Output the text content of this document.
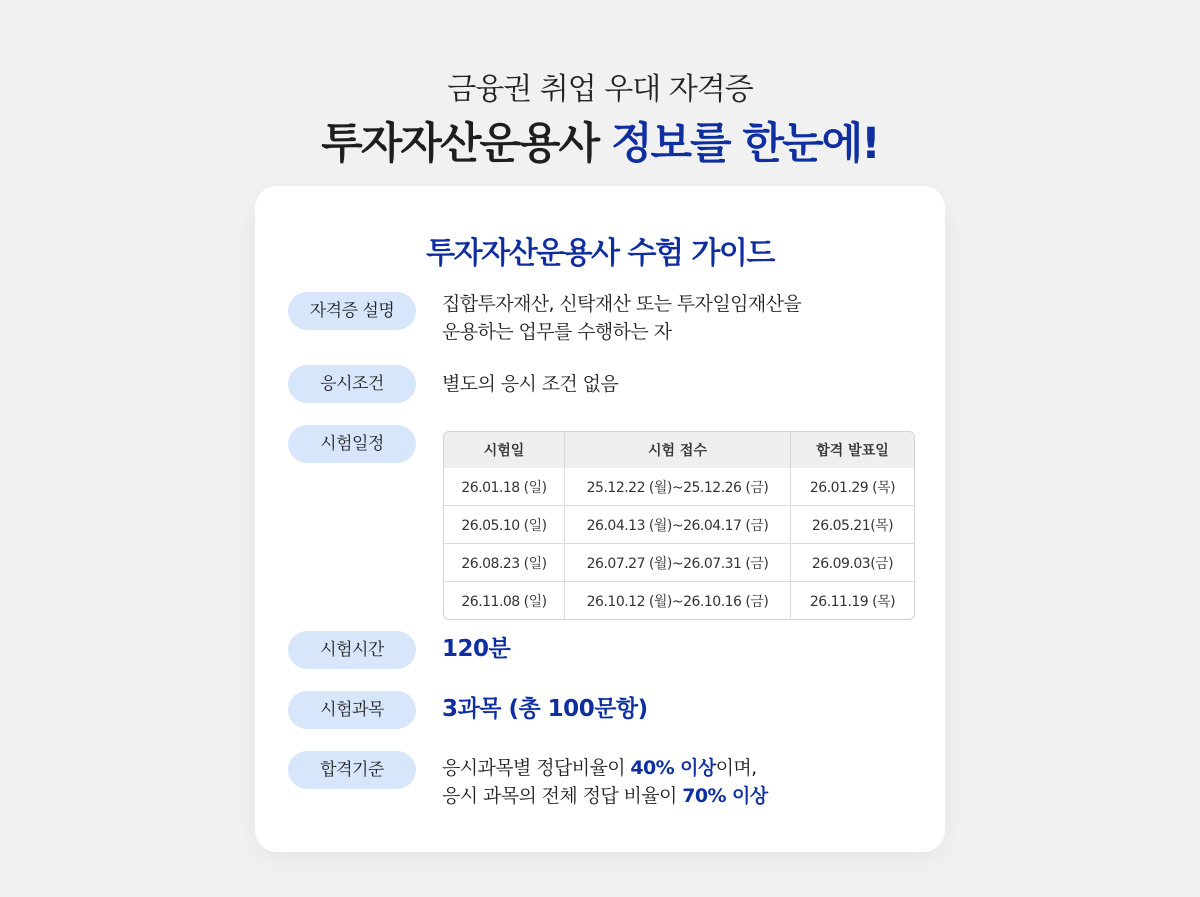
금융권 취업 우대 자격증
투자자산운용사 정보를 한눈에!
투자자산운용사 수험 가이드
자격증 설명	집합투자재산, 신탁재산 또는 투자일임재산을
운용하는 업무를 수행하는 자
응시조건	별도의 응시 조건 없음
시험일정	시험일	시험 접수	합격 발표일
26.01.18 (일)	25.12.22 (월)~25.12.26 (금)	26.01.29 (목)
26.05.10 (일)	26.04.13 (월)~26.04.17 (금)	26.05.21(목)
26.08.23 (일)	26.07.27 (월)~26.07.31 (금)	26.09.03(금)
26.11.08 (일)	26.10.12 (월)~26.10.16 (금)	26.11.19 (목)
시험시간	120분
시험과목	3과목 (총 100문항)
합격기준	응시과목별 정답비율이 40% 이상이며,
응시 과목의 전체 정답 비율이 70% 이상
